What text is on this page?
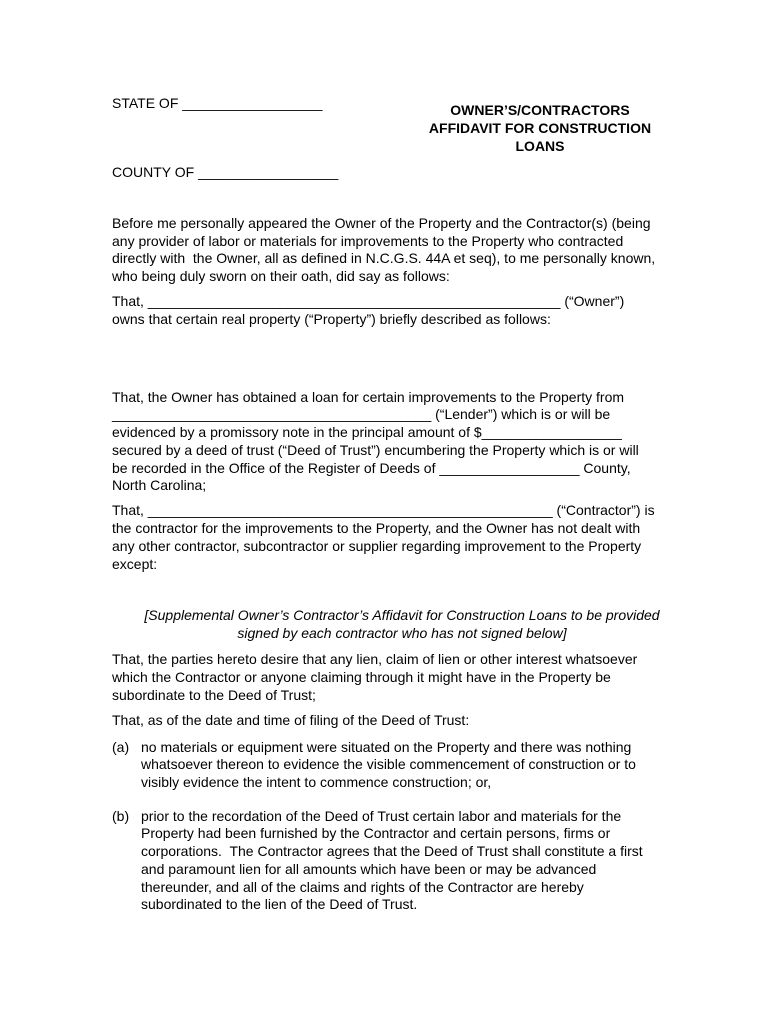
STATE OF __________________	OWNER’S/CONTRACTORS
AFFIDAVIT FOR CONSTRUCTION
LOANS
COUNTY OF __________________
Before me personally appeared the Owner of the Property and the Contractor(s) (being
any provider of labor or materials for improvements to the Property who contracted
directly with  the Owner, all as defined in N.C.G.S. 44A et seq), to me personally known,
who being duly sworn on their oath, did say as follows:
That, _____________________________________________________ (“Owner”)
owns that certain real property (“Property”) briefly described as follows:
That, the Owner has obtained a loan for certain improvements to the Property from
_________________________________________ (“Lender”) which is or will be
evidenced by a promissory note in the principal amount of $__________________
secured by a deed of trust (“Deed of Trust”) encumbering the Property which is or will
be recorded in the Office of the Register of Deeds of __________________ County,
North Carolina;
That, ____________________________________________________ (“Contractor”) is
the contractor for the improvements to the Property, and the Owner has not dealt with
any other contractor, subcontractor or supplier regarding improvement to the Property
except:
[Supplemental Owner’s Contractor’s Affidavit for Construction Loans to be provided
signed by each contractor who has not signed below]
That, the parties hereto desire that any lien, claim of lien or other interest whatsoever
which the Contractor or anyone claiming through it might have in the Property be
subordinate to the Deed of Trust;
That, as of the date and time of filing of the Deed of Trust:
(a) no materials or equipment were situated on the Property and there was nothing
whatsoever thereon to evidence the visible commencement of construction or to
visibly evidence the intent to commence construction; or,
(b) prior to the recordation of the Deed of Trust certain labor and materials for the
Property had been furnished by the Contractor and certain persons, firms or
corporations.  The Contractor agrees that the Deed of Trust shall constitute a first
and paramount lien for all amounts which have been or may be advanced
thereunder, and all of the claims and rights of the Contractor are hereby
subordinated to the lien of the Deed of Trust.
